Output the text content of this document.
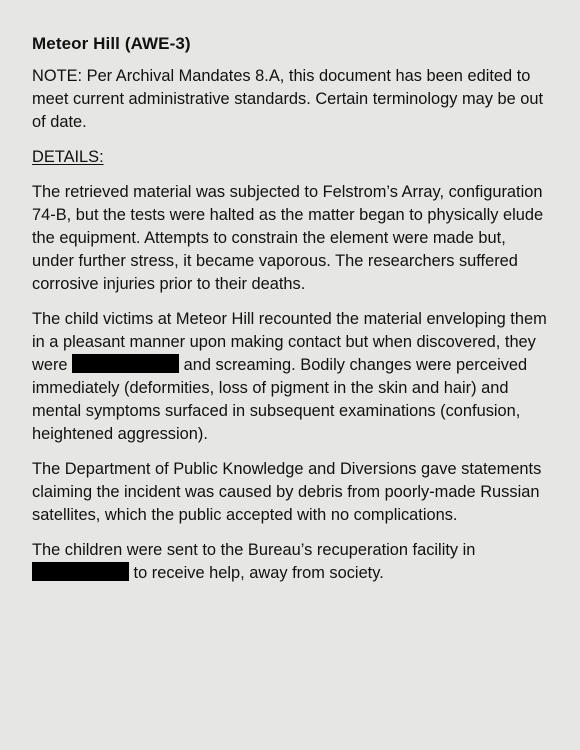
Meteor Hill (AWE-3)

NOTE: Per Archival Mandates 8.A, this document has been edited to meet current administrative standards. Certain terminology may be out of date.

DETAILS:

The retrieved material was subjected to Felstrom’s Array, configuration 74-B, but the tests were halted as the matter began to physically elude the equipment. Attempts to constrain the element were made but, under further stress, it became vaporous. The researchers suffered corrosive injuries prior to their deaths.

The child victims at Meteor Hill recounted the material enveloping them in a pleasant manner upon making contact but when discovered, they were	and screaming. Bodily changes were perceived immediately (deformities, loss of pigment in the skin and hair) and mental symptoms surfaced in subsequent examinations (confusion, heightened aggression).

The Department of Public Knowledge and Diversions gave statements claiming the incident was caused by debris from poorly-made Russian satellites, which the public accepted with no complications.

The children were sent to the Bureau’s recuperation facility in  to receive help, away from society.
